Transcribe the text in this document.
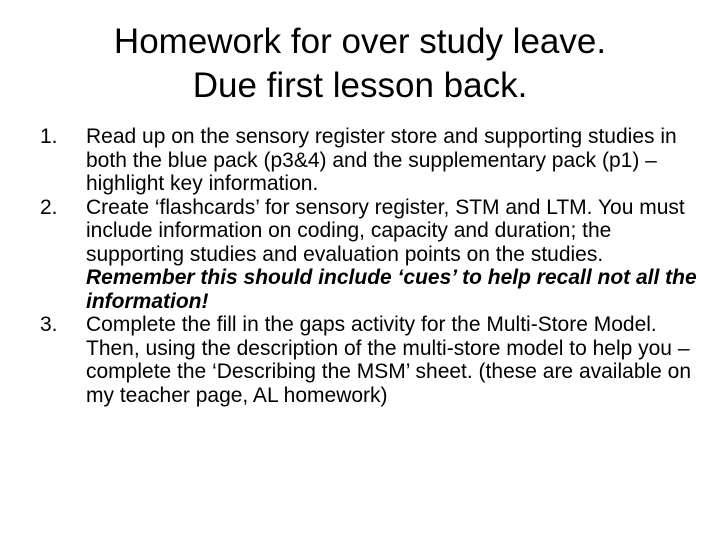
Homework for over study leave.
Due first lesson back.
1.	Read up on the sensory register store and supporting studies in both the blue pack (p3&4) and the supplementary pack (p1) – highlight key information.
2.	Create ‘flashcards’ for sensory register, STM and LTM. You must include information on coding, capacity and duration; the supporting studies and evaluation points on the studies. Remember this should include ‘cues’ to help recall not all the information!
3.	Complete the fill in the gaps activity for the Multi-Store Model. Then, using the description of the multi-store model to help you – complete the ‘Describing the MSM’ sheet. (these are available on my teacher page, AL homework)
